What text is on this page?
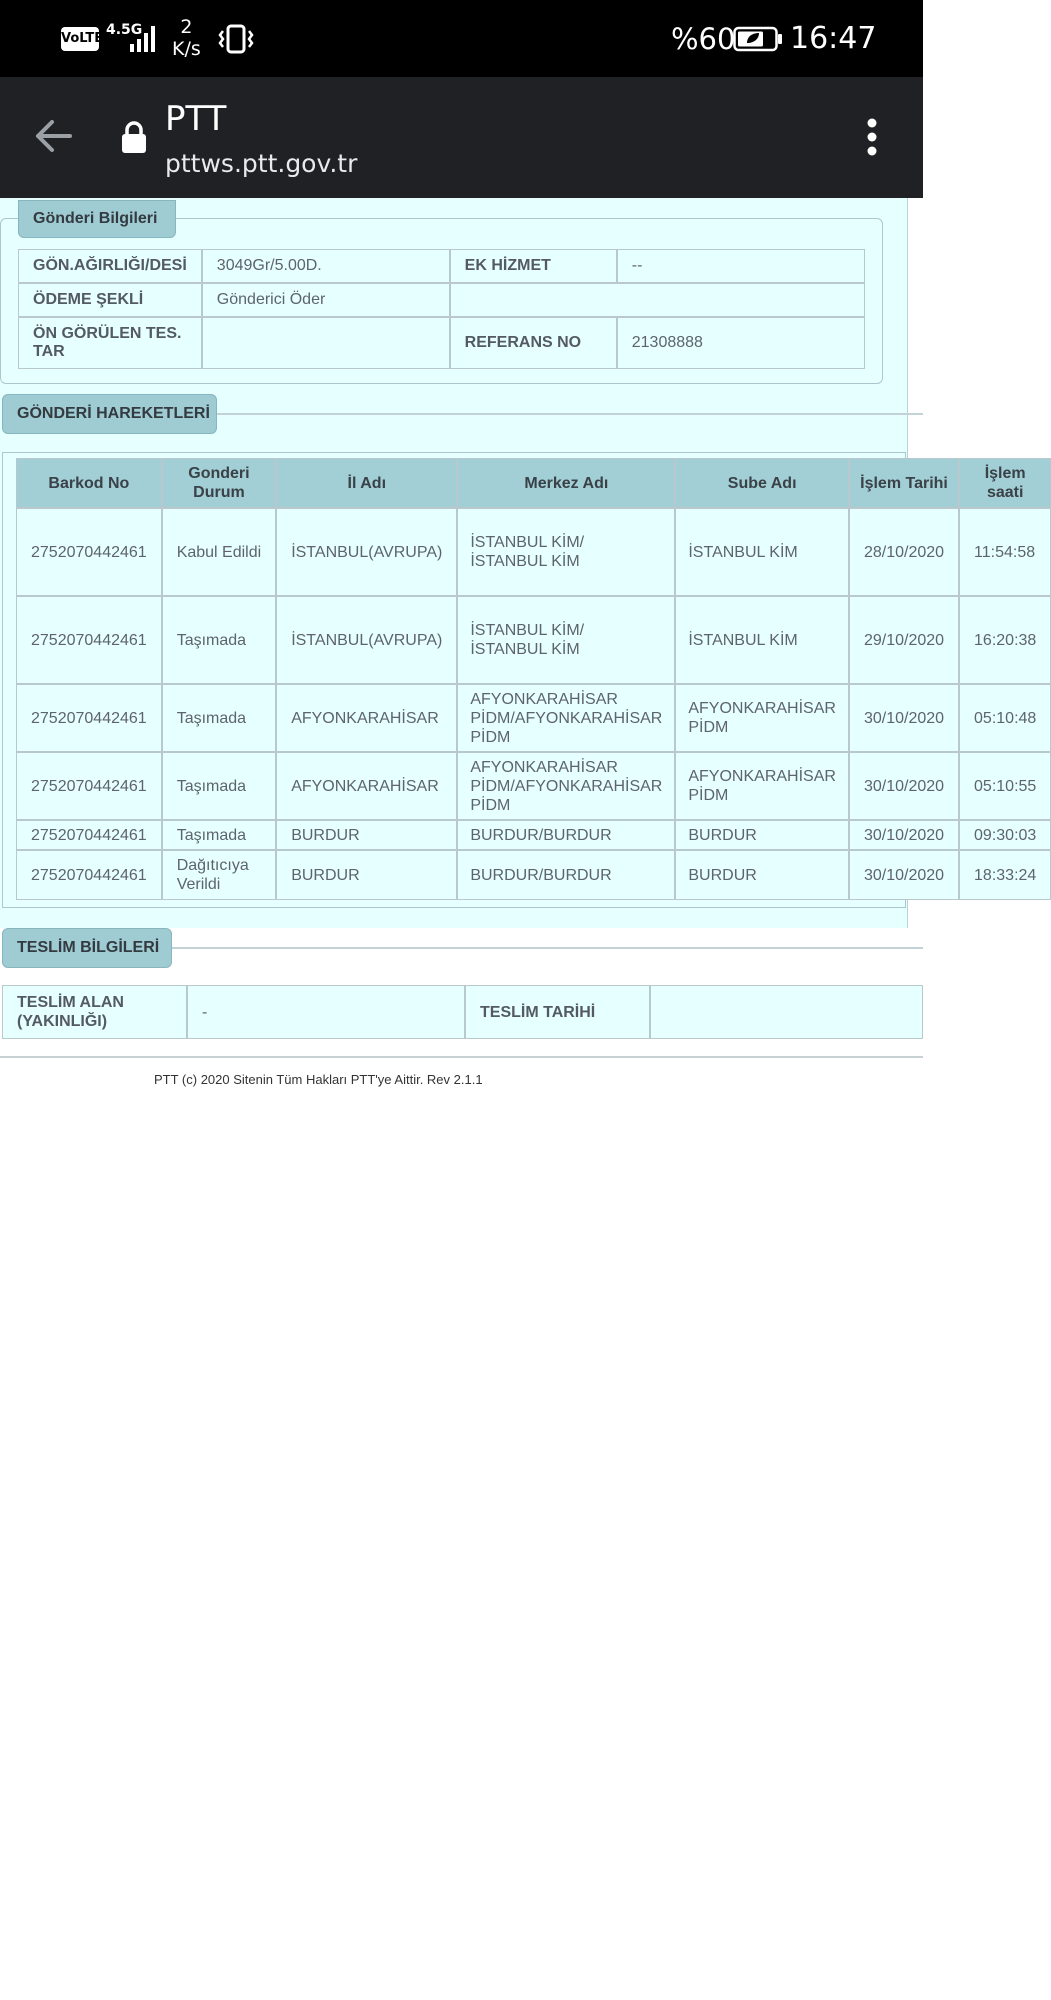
VoLTE
4.5G	2
K/s	%60 16:47
PTT
pttws.ptt.gov.tr
Gönderi Bilgileri
GÖN.AĞIRLIĞI/DESİ	3049Gr/5.00D.	EK HİZMET	--
ÖDEME ŞEKLİ	Gönderici Öder		
ÖN GÖRÜLEN TES. TAR		REFERANS NO	21308888
GÖNDERİ HAREKETLERİ
Barkod No	Gonderi Durum	İl Adı	Merkez Adı	Sube Adı	İşlem Tarihi	İşlem saati

2752070442461	Kabul Edildi	İSTANBUL(AVRUPA)	İSTANBUL KİM/ İSTANBUL KİM	İSTANBUL KİM	28/10/2020	11:54:58

2752070442461	Taşımada	İSTANBUL(AVRUPA)	İSTANBUL KİM/ İSTANBUL KİM	İSTANBUL KİM	29/10/2020	16:20:38

2752070442461	Taşımada	AFYONKARAHİSAR	AFYONKARAHİSAR PİDM/AFYONKARAHİSAR PİDM	AFYONKARAHİSAR PİDM	30/10/2020	05:10:48

2752070442461	Taşımada	AFYONKARAHİSAR	AFYONKARAHİSAR PİDM/AFYONKARAHİSAR PİDM	AFYONKARAHİSAR PİDM	30/10/2020	05:10:55

2752070442461	Taşımada	BURDUR	BURDUR/BURDUR	BURDUR	30/10/2020	09:30:03

2752070442461	Dağıtıcıya Verildi	BURDUR	BURDUR/BURDUR	BURDUR	30/10/2020	18:33:24
TESLİM BİLGİLERİ
TESLİM ALAN (YAKINLIĞI)	-	TESLİM TARİHİ	
PTT (c) 2020 Sitenin Tüm Hakları PTT'ye Aittir. Rev 2.1.1
